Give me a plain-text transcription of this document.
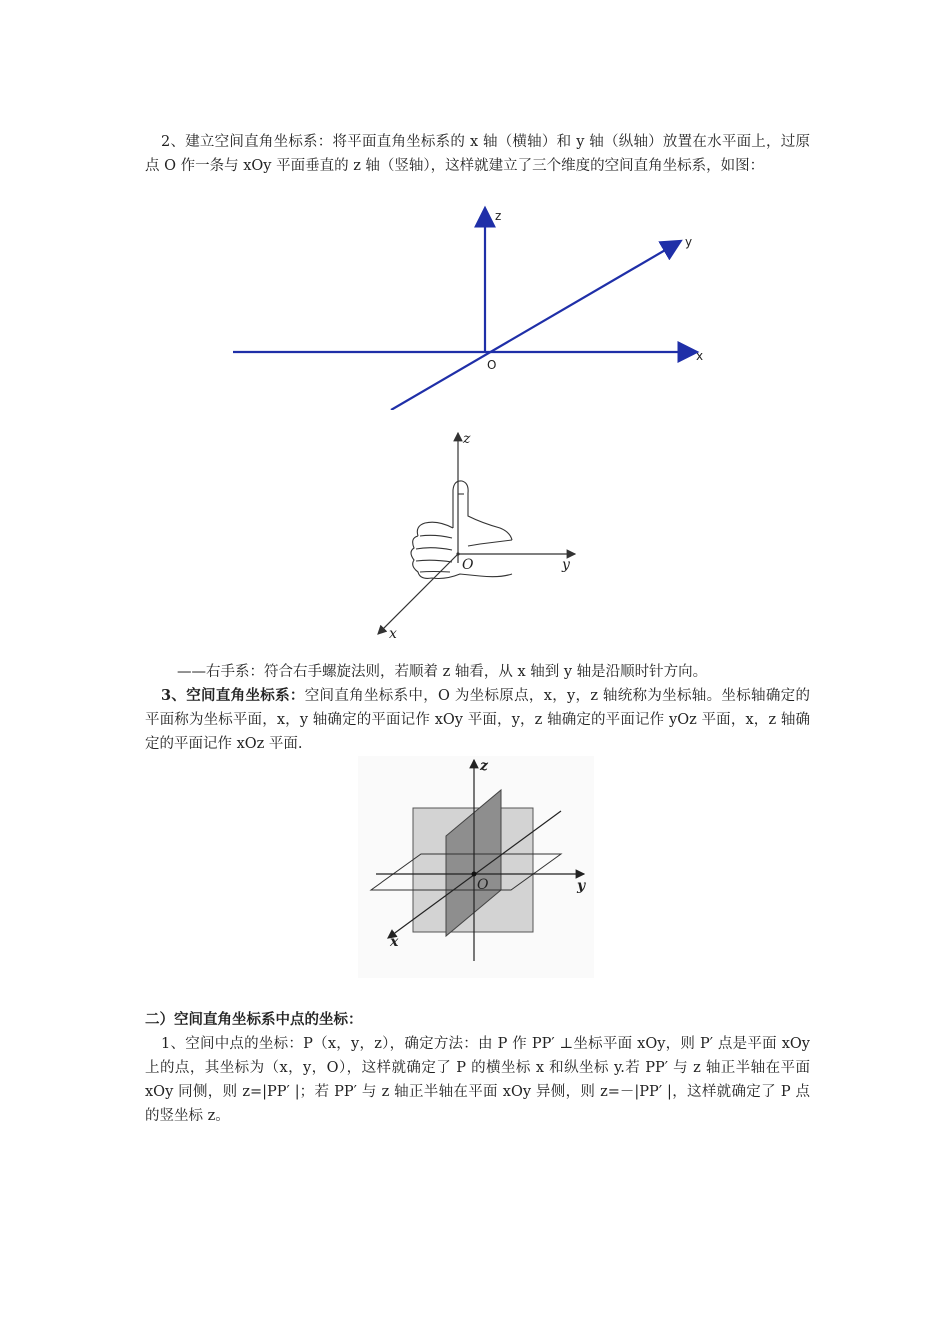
2、建立空间直角坐标系：将平面直角坐标系的 x 轴（横轴）和 y 轴（纵轴）放置在水平面上，过原点 O 作一条与 xOy 平面垂直的 z 轴（竖轴），这样就建立了三个维度的空间直角坐标系，如图：

z
y
x
O
z
y
x
O

——右手系：符合右手螺旋法则，若顺着 z 轴看，从 x 轴到 y 轴是沿顺时针方向。

3、空间直角坐标系：空间直角坐标系中，O 为坐标原点，x，y，z 轴统称为坐标轴。坐标轴确定的平面称为坐标平面，x，y 轴确定的平面记作 xOy 平面，y，z 轴确定的平面记作 yOz 平面，x，z 轴确定的平面记作 xOz 平面.

z
y
x
O

二）空间直角坐标系中点的坐标：

1、空间中点的坐标：P（x，y，z），确定方法：由 P 作 PP′ ⊥坐标平面 xOy，则 P′ 点是平面 xOy 上的点，其坐标为（x，y，O），这样就确定了 P 的横坐标 x 和纵坐标 y.若 PP′ 与 z 轴正半轴在平面 xOy 同侧，则 z=|PP′ |；若 PP′ 与 z 轴正半轴在平面 xOy 异侧，则 z=－|PP′ |，这样就确定了 P 点的竖坐标 z。
